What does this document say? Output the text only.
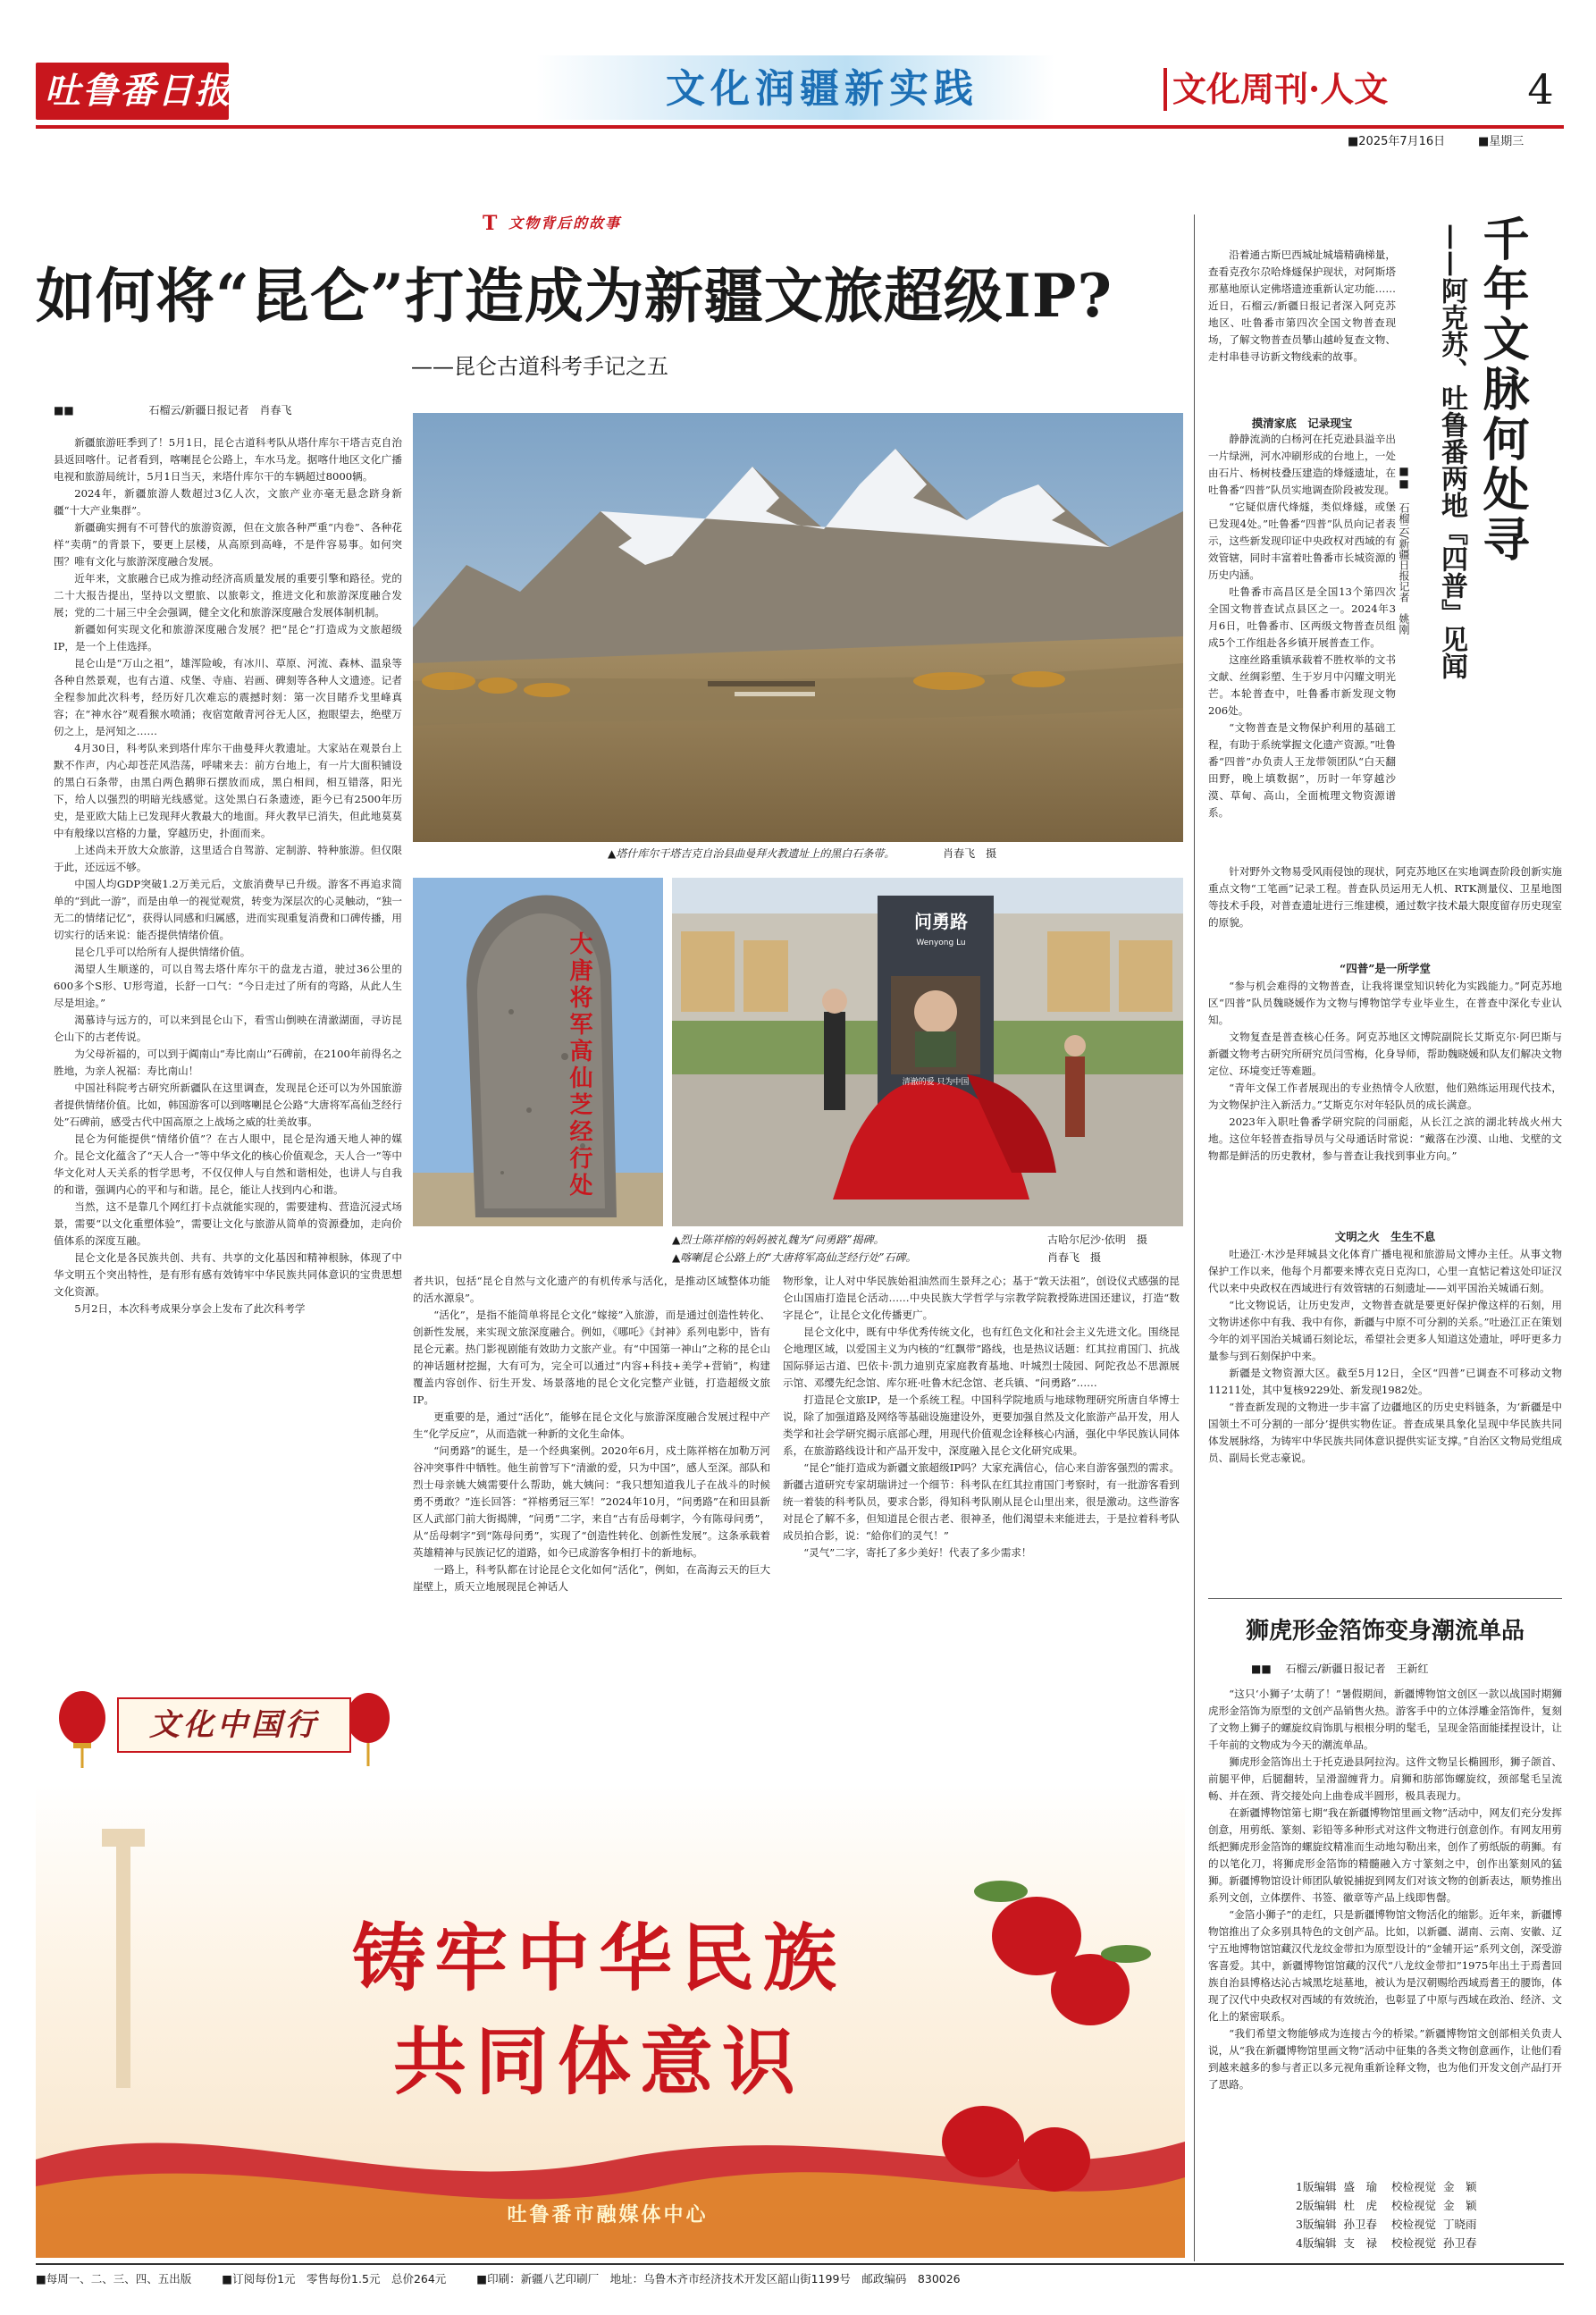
吐鲁番日报	文化润疆新实践	文化周刊·人文	4
■2025年7月16日	■星期三
T 文物背后的故事
如何将“昆仑”打造成为新疆文旅超级IP?
——昆仑古道科考手记之五
■■	石榴云/新疆日报记者　肖春飞

新疆旅游旺季到了！5月1日，昆仑古道科考队从塔什库尔干塔吉克自治县返回喀什。记者看到，喀喇昆仑公路上，车水马龙。据喀什地区文化广播电视和旅游局统计，5月1日当天，来塔什库尔干的车辆超过8000辆。

2024年，新疆旅游人数超过3亿人次，文旅产业亦毫无悬念跻身新疆“十大产业集群”。

新疆确实拥有不可替代的旅游资源，但在文旅各种严重“内卷”、各种花样“卖萌”的背景下，要更上层楼，从高原到高峰，不是件容易事。如何突围？唯有文化与旅游深度融合发展。

近年来，文旅融合已成为推动经济高质量发展的重要引擎和路径。党的二十大报告提出，坚持以文塑旅、以旅彰文，推进文化和旅游深度融合发展；党的二十届三中全会强调，健全文化和旅游深度融合发展体制机制。

新疆如何实现文化和旅游深度融合发展？把“昆仑”打造成为文旅超级IP，是一个上佳选择。

昆仑山是“万山之祖”，雄浑险峻，有冰川、草原、河流、森林、温泉等各种自然景观，也有古道、戍堡、寺庙、岩画、碑刻等各种人文遗迹。记者全程参加此次科考，经历好几次难忘的震撼时刻：第一次目睹乔戈里峰真容；在“神水谷”观看猴水喷涌；夜宿宽敞青河谷无人区，抱眼望去，绝壁万仞之上，是河知之……

4月30日，科考队来到塔什库尔干曲曼拜火教遗址。大家站在观景台上默不作声，内心却苍茫风浩荡，呼啸来去：前方台地上，有一片大面积铺设的黑白石条带，由黑白两色鹅卵石摆放而成，黑白相间，相互错落，阳光下，给人以强烈的明暗光线感觉。这处黑白石条遗迹，距今已有2500年历史，是亚欧大陆上已发现拜火教最大的地面。拜火教早已消失，但此地莫莫中有般缘以宫格的力量，穿越历史，扑面而来。

上述尚未开放大众旅游，这里适合自驾游、定制游、特种旅游。但仅限于此，还远远不够。

中国人均GDP突破1.2万美元后，文旅消费早已升级。游客不再追求简单的“到此一游”，而是由单一的视觉观赏，转变为深层次的心灵触动，“独一无二的情绪记忆”，获得认同感和归属感，进而实现重复消费和口碑传播，用切实行的话来说：能否提供情绪价值。

昆仑几乎可以给所有人提供情绪价值。

渴望人生顺遂的，可以自驾去塔什库尔干的盘龙古道，驶过36公里的600多个S形、U形弯道，长舒一口气：“今日走过了所有的弯路，从此人生尽是坦途。”

渴慕诗与远方的，可以来到昆仑山下，看雪山倒映在清澈湖面，寻访昆仑山下的古老传说。

为父母祈福的，可以到于阗南山“寿比南山”石碑前，在2100年前得名之胜地，为亲人祝福：寿比南山！

中国社科院考古研究所新疆队在这里调查，发现昆仑还可以为外国旅游者提供情绪价值。比如，韩国游客可以到喀喇昆仑公路“大唐将军高仙芝经行处”石碑前，感受古代中国高原之上战场之威的壮美故事。

昆仑为何能提供“情绪价值”？在古人眼中，昆仑是沟通天地人神的媒介。昆仑文化蕴含了“天人合一”等中华文化的核心价值观念，天人合一”等中华文化对人天关系的哲学思考，不仅仅伸人与自然和谐相处，也讲人与自我的和谐，强调内心的平和与和谐。昆仑，能让人找到内心和谐。

当然，这不是靠几个网红打卡点就能实现的，需要建构、营造沉浸式场景，需要“以文化重塑体验”，需要让文化与旅游从简单的资源叠加，走向价值体系的深度互融。

昆仑文化是各民族共创、共有、共享的文化基因和精神根脉，体现了中华文明五个突出特性，是有形有感有效铸牢中华民族共同体意识的宝贵思想文化资源。

5月2日，本次科考成果分享会上发布了此次科考学

▲塔什库尔干塔吉克自治县曲曼拜火教遗址上的黑白石条带。	肖春飞　摄
大唐将军高仙芝经行处
问勇路
Wenyong Lu
清澈的爱 只为中国
▲烈士陈祥榕的妈妈被礼魏为“问勇路”揭碑。	古哈尔尼沙·依明　摄
▲喀喇昆仑公路上的“大唐将军高仙芝经行处”石碑。	肖春飞　摄

者共识，包括“昆仑自然与文化遗产的有机传承与活化，是推动区域整体功能的活水源泉”。

“活化”，是指不能简单将昆仑文化“嫁接”入旅游，而是通过创造性转化、创新性发展，来实现文旅深度融合。例如，《哪吒》《封神》系列电影中，皆有昆仑元素。热门影视剧能有效助力文旅产业。有“中国第一神山”之称的昆仑山的神话题材挖掘，大有可为，完全可以通过“内容+科技+美学+营销”，构建覆盖内容创作、衍生开发、场景落地的昆仑文化完整产业链，打造超级文旅IP。

更重要的是，通过“活化”，能够在昆仑文化与旅游深度融合发展过程中产生“化学反应”，从而造就一种新的文化生命体。

“问勇路”的诞生，是一个经典案例。2020年6月，戍土陈祥榕在加勒万河谷冲突事件中牺牲。他生前曾写下“清澈的爱，只为中国”，感人至深。部队和烈士母亲姚大姨需要什么帮助，姚大姨问：“我只想知道我儿子在战斗的时候勇不勇敢？”连长回答：“祥榕勇冠三军！”2024年10月，“问勇路”在和田县新区人武部门前大街揭牌，“问勇”二字，来自“古有岳母刺字，今有陈母问勇”，从“岳母刺字”到“陈母问勇”，实现了“创造性转化、创新性发展”。这条承载着英雄精神与民族记忆的道路，如今已成游客争相打卡的新地标。

一路上，科考队都在讨论昆仑文化如何“活化”，例如，在高海云天的巨大崖壁上，质天立地展现昆仑神话人

物形象，让人对中华民族始祖油然而生景拜之心；基于“敦天法祖”，创设仪式感强的昆仑山国庙打造昆仑活动……中央民族大学哲学与宗教学院教授陈进国还建议，打造“数字昆仑”，让昆仑文化传播更广。

昆仑文化中，既有中华优秀传统文化，也有红色文化和社会主义先进文化。围绕昆仑地理区域，以爱国主义为内核的“红飘带”路线，也是热议话题：红其拉甫国门、抗战国际驿运古道、巴依卡·凯力迪别克家庭教育基地、叶城烈士陵园、阿陀孜怂不思源展示馆、邓缨先纪念馆、库尔班·吐鲁木纪念馆、老兵镇、“问勇路”……

打造昆仑文旅IP，是一个系统工程。中国科学院地质与地球物理研究所唐自华博士说，除了加强道路及网络等基础设施建设外，更要加强自然及文化旅游产品开发，用人类学和社会学研究揭示底部心理，用现代价值观念诠释核心内涵，强化中华民族认同体系，在旅游路线设计和产品开发中，深度融入昆仑文化研究成果。

“昆仑”能打造成为新疆文旅超级IP吗？大家充满信心，信心来自游客强烈的需求。新疆古道研究专家胡瑞讲过一个细节：科考队在红其拉甫国门考察时，有一批游客看到统一着装的科考队员，要求合影，得知科考队刚从昆仑山里出来，很是激动。这些游客对昆仑了解不多，但知道昆仑很古老、很神圣，他们渴望未来能进去，于是拉着科考队成员拍合影，说：“給你们的灵气！”

“灵气”二字，寄托了多少美好！代表了多少需求！

文化中国行
铸牢中华民族
共同体意识
吐鲁番市融媒体中心
千年文脉何处寻
——阿克苏、吐鲁番两地『四普』见闻
■■ 石榴云/新疆日报记者　姚刚

沿着通古斯巴西城址城墙精确梯量，查看克孜尔尕哈烽燧保护现状，对阿斯塔那墓地原认定佛塔遗迹重新认定功能……近日，石榴云/新疆日报记者深入阿克苏地区、吐鲁番市第四次全国文物普查现场，了解文物普查员攀山越岭复查文物、走村串巷寻访新文物线索的故事。

摸清家底　记录现宝

静静流淌的白杨河在托克逊县溢辛出一片绿洲，河水冲刷形成的台地上，一处由石片、杨树枝叠压建造的烽燧遗址，在吐鲁番“四普”队员实地调查阶段被发现。

“它疑似唐代烽燧，类似烽燧，或堡已发现4处。”吐鲁番“四普”队员向记者表示，这些新发现印证中央政权对西域的有效管辖，同时丰富着吐鲁番市长城资源的历史内涵。

吐鲁番市高昌区是全国13个第四次全国文物普查试点县区之一。2024年3月6日，吐鲁番市、区两级文物普查员组成5个工作组赴各乡镇开展普查工作。

这座丝路重镇承载着不胜枚举的文书文献、丝绸彩塑、生于岁月中闪耀文明光芒。本轮普查中，吐鲁番市新发现文物206处。

“文物普查是文物保护利用的基础工程，有助于系统掌握文化遗产资源。”吐鲁番“四普”办负责人王龙带领团队“白天翻田野，晚上填数据”，历时一年穿越沙漠、草甸、高山，全面梳理文物资源谱系。

针对野外文物易受风雨侵蚀的现状，阿克苏地区在实地调查阶段创新实施重点文物“工笔画”记录工程。普查队员运用无人机、RTK测量仪、卫星地图等技术手段，对普查遗址进行三维建模，通过数字技术最大限度留存历史现室的原貌。

“四普”是一所学堂

“参与机会难得的文物普查，让我将课堂知识转化为实践能力。”阿克苏地区“四普”队员魏晓媛作为文物与博物馆学专业毕业生，在普查中深化专业认知。

文物复查是普查核心任务。阿克苏地区文博院副院长艾斯克尔·阿巴斯与新疆文物考古研究所研究员闫雪梅，化身导师，帮助魏晓媛和队友们解决文物定位、环境变迁等难题。

“青年文保工作者展现出的专业热情令人欣慰，他们熟练运用现代技术，为文物保护注入新活力。”艾斯克尔对年轻队员的成长满意。

2023年入职吐鲁番学研究院的闫丽彪，从长江之滨的湖北转战火州大地。这位年轻普查指导员与父母通话时常说：“戴落在沙漠、山地、戈壁的文物都是鲜活的历史教材，参与普查让我找到事业方向。”

文明之火　生生不息

吐逊江·木沙是拜城县文化体育广播电视和旅游局文博办主任。从事文物保护工作以来，他每个月都要来博衣克日克沟口，心里一直惦记着这处印证汉代以来中央政权在西域进行有效管辖的石刻遗址——刘平国治关城诵石刻。

“比文物说话，让历史发声，文物普查就是要更好保护像这样的石刻，用文物讲述你中有我、我中有你，新疆与中原不可分割的关系。”吐逊江正在策划今年的刘平国治关城诵石刻论坛，希望社会更多人知道这处遗址，呼吁更多力量参与到石刻保护中来。

新疆是文物资源大区。截至5月12日，全区“四普”已调查不可移动文物11211处，其中复核9229处、新发现1982处。

“普查新发现的文物进一步丰富了边疆地区的历史史料链条，为‘新疆是中国领土不可分割的一部分’提供实物佐证。普查成果具象化呈现中华民族共同体发展脉络，为铸牢中华民族共同体意识提供实证支撑。”自治区文物局党组成员、副局长党志豪说。

狮虎形金箔饰变身潮流单品
■■ 石榴云/新疆日报记者　王新红

“这只‘小狮子’太萌了！”暑假期间，新疆博物馆文创区一款以战国时期狮虎形金箔饰为原型的文创产品销售火热。游客手中的立体浮雕金箔饰件，复刻了文物上狮子的螺旋纹肩饰肌与根根分明的髦毛，呈现金箔面能揉捏设计，让千年前的文物成为今天的潮流单品。

狮虎形金箔饰出土于托克逊县阿拉沟。这件文物呈长椭圆形，狮子颌首、前腿平伸，后腿翻转，呈滑溜缠背力。肩狮和肪部饰螺旋纹，颈部髦毛呈流畅、并在颈、背交接处向上曲卷成半圆形，极具表现力。

在新疆博物馆第七期“我在新疆博物馆里画文物”活动中，网友们充分发挥创意，用剪纸、篆刻、彩铅等多种形式对这件文物进行创意创作。有网友用剪纸把狮虎形金箔饰的螺旋纹精准而生动地勾勒出来，创作了剪纸版的萌狮。有的以笔化刀，将狮虎形金箔饰的精髓融入方寸篆刻之中，创作出篆刻风的猛狮。新疆博物馆设计师团队敏锐捕捉到网友们对该文物的创新表达，顺势推出系列文创，立体摆件、书签、徽章等产品上线即售罄。

“金箔小狮子”的走红，只是新疆博物馆文物活化的缩影。近年来，新疆博物馆推出了众多别具特色的文创产品。比如，以新疆、湖南、云南、安徽、辽宁五地博物馆馆藏汉代龙纹金带扣为原型设计的“金辅开运”系列文创，深受游客喜爱。其中，新疆博物馆馆藏的汉代“八龙纹金带扣”1975年出土于焉耆回族自治县博格达沁古城黑圪垯墓地，被认为是汉朝赐给西域焉耆王的腰饰，体现了汉代中央政权对西域的有效统治，也彰显了中原与西域在政治、经济、文化上的紧密联系。

“我们希望文物能够成为连接古今的桥梁。”新疆博物馆文创部相关负责人说，从“我在新疆博物馆里画文物”活动中征集的各类文物创意画作，让他们看到越来越多的参与者正以多元视角重新诠释文物，也为他们开发文创产品打开了思路。

1版编辑 盛　瑜 校检视觉 金　颖
2版编辑 杜　虎 校检视觉 金　颖
3版编辑 孙卫春 校检视觉 丁晓雨
4版编辑 支　禄 校检视觉 孙卫春
■每周一、二、三、四、五出版	■订阅每份1元　零售每份1.5元　总价264元	■印刷：新疆八艺印刷厂　地址：乌鲁木齐市经济技术开发区韶山街1199号　邮政编码　830026
